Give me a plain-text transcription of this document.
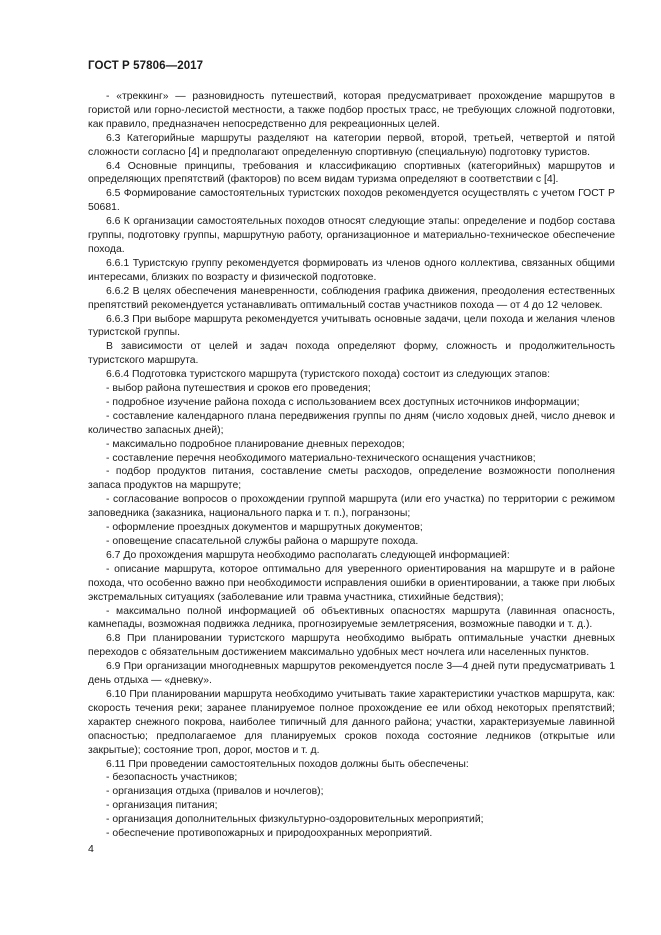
ГОСТ Р 57806—2017

- «треккинг» — разновидность путешествий, которая предусматривает прохождение маршрутов в гористой или горно-лесистой местности, а также подбор простых трасс, не требующих сложной подготовки, как правило, предназначен непосредственно для рекреационных целей.

6.3 Категорийные маршруты разделяют на категории первой, второй, третьей, четвертой и пятой сложности согласно [4] и предполагают определенную спортивную (специальную) подготовку туристов.

6.4 Основные принципы, требования и классификацию спортивных (категорийных) маршрутов и определяющих препятствий (факторов) по всем видам туризма определяют в соответствии с [4].

6.5 Формирование самостоятельных туристских походов рекомендуется осуществлять с учетом ГОСТ Р 50681.

6.6 К организации самостоятельных походов относят следующие этапы: определение и подбор состава группы, подготовку группы, маршрутную работу, организационное и материально-техническое обеспечение похода.

6.6.1 Туристскую группу рекомендуется формировать из членов одного коллектива, связанных общими интересами, близких по возрасту и физической подготовке.

6.6.2 В целях обеспечения маневренности, соблюдения графика движения, преодоления естественных препятствий рекомендуется устанавливать оптимальный состав участников похода — от 4 до 12 человек.

6.6.3 При выборе маршрута рекомендуется учитывать основные задачи, цели похода и желания членов туристской группы.

В зависимости от целей и задач похода определяют форму, сложность и продолжительность туристского маршрута.

6.6.4 Подготовка туристского маршрута (туристского похода) состоит из следующих этапов:

- выбор района путешествия и сроков его проведения;

- подробное изучение района похода с использованием всех доступных источников информации;

- составление календарного плана передвижения группы по дням (число ходовых дней, число дневок и количество запасных дней);

- максимально подробное планирование дневных переходов;

- составление перечня необходимого материально-технического оснащения участников;

- подбор продуктов питания, составление сметы расходов, определение возможности пополнения запаса продуктов на маршруте;

- согласование вопросов о прохождении группой маршрута (или его участка) по территории с режимом заповедника (заказника, национального парка и т. п.), погранзоны;

- оформление проездных документов и маршрутных документов;

- оповещение спасательной службы района о маршруте похода.

6.7 До прохождения маршрута необходимо располагать следующей информацией:

- описание маршрута, которое оптимально для уверенного ориентирования на маршруте и в районе похода, что особенно важно при необходимости исправления ошибки в ориентировании, а также при любых экстремальных ситуациях (заболевание или травма участника, стихийные бедствия);

- максимально полной информацией об объективных опасностях маршрута (лавинная опасность, камнепады, возможная подвижка ледника, прогнозируемые землетрясения, возможные паводки и т. д.).

6.8 При планировании туристского маршрута необходимо выбрать оптимальные участки дневных переходов с обязательным достижением максимально удобных мест ночлега или населенных пунктов.

6.9 При организации многодневных маршрутов рекомендуется после 3—4 дней пути предусматривать 1 день отдыха — «дневку».

6.10 При планировании маршрута необходимо учитывать такие характеристики участков маршрута, как: скорость течения реки; заранее планируемое полное прохождение ее или обход некоторых препятствий; характер снежного покрова, наиболее типичный для данного района; участки, характеризуемые лавинной опасностью; предполагаемое для планируемых сроков похода состояние ледников (открытые или закрытые); состояние троп, дорог, мостов и т. д.

6.11 При проведении самостоятельных походов должны быть обеспечены:

- безопасность участников;

- организация отдыха (привалов и ночлегов);

- организация питания;

- организация дополнительных физкультурно-оздоровительных мероприятий;

- обеспечение противопожарных и природоохранных мероприятий.

4
